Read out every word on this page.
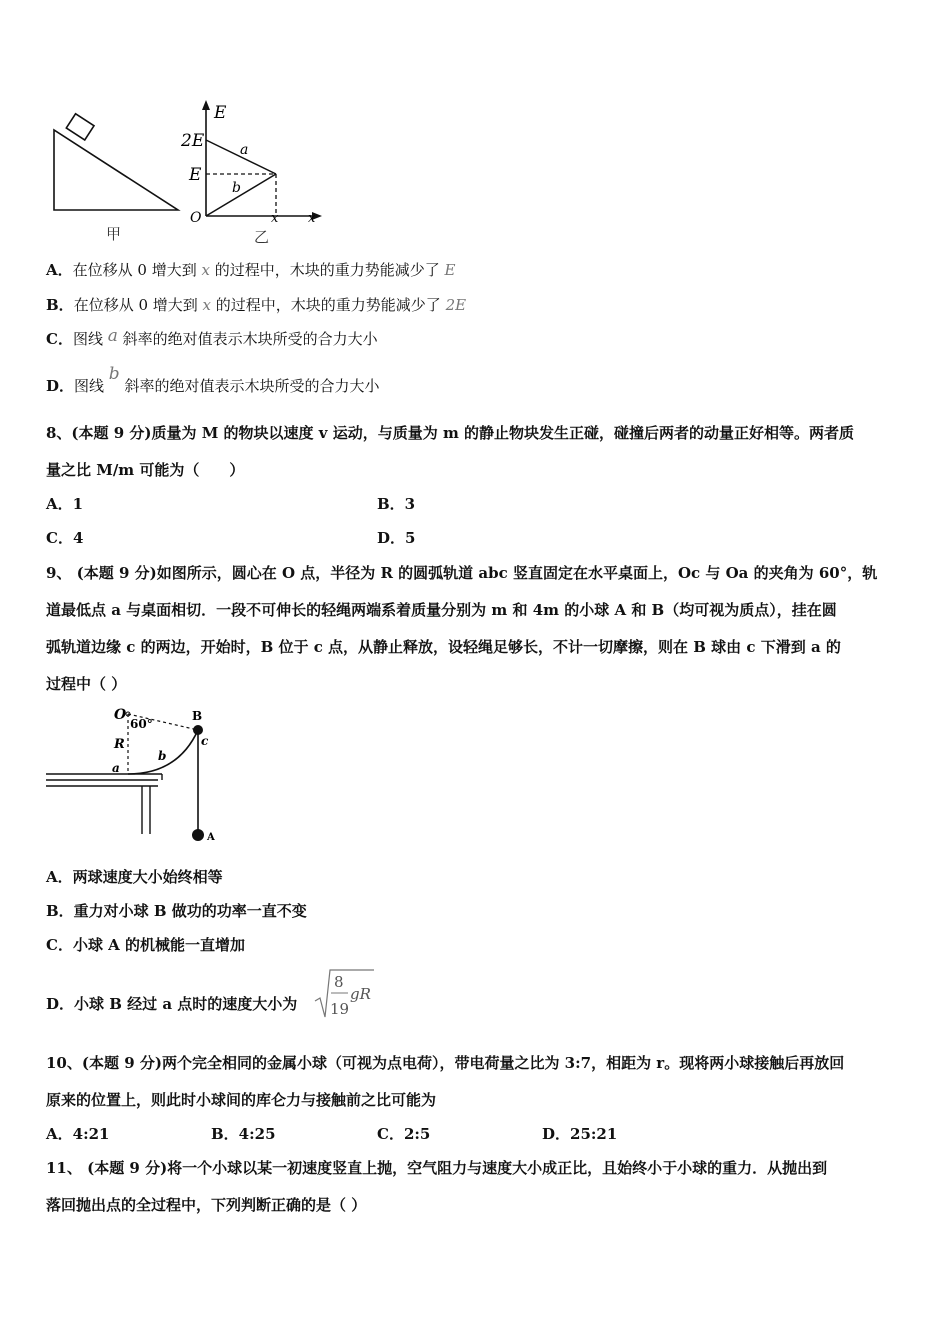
甲
E
2E
E
a
b
O	x x
乙
A．在位移从 0 增大到 x 的过程中，木块的重力势能减少了 E
B．在位移从 0 增大到 x 的过程中，木块的重力势能减少了 2E
C．图线 a 斜率的绝对值表示木块所受的合力大小
D．图线 b 斜率的绝对值表示木块所受的合力大小
8、(本题 9 分)质量为 M 的物块以速度 v 运动，与质量为 m 的静止物块发生正碰，碰撞后两者的动量正好相等。两者质
量之比 M/m 可能为（　　）
A．1	B．3
C．4	D．5
9、 (本题 9 分)如图所示，圆心在 O 点，半径为 R 的圆弧轨道 abc 竖直固定在水平桌面上，Oc 与 Oa 的夹角为 60°，轨
道最低点 a 与桌面相切．一段不可伸长的轻绳两端系着质量分别为 m 和 4m 的小球 A 和 B（均可视为质点），挂在圆
弧轨道边缘 c 的两边，开始时，B 位于 c 点，从静止释放，设轻绳足够长，不计一切摩擦，则在 B 球由 c 下滑到 a 的
过程中（ ）
O
60°
R
a
b
c
B
A
A．两球速度大小始终相等
B．重力对小球 B 做功的功率一直不变
C．小球 A 的机械能一直增加
D．小球 B 经过 a 点时的速度大小为
8
19
gR
10、(本题 9 分)两个完全相同的金属小球（可视为点电荷），带电荷量之比为 3:7，相距为 r。现将两小球接触后再放回
原来的位置上，则此时小球间的库仑力与接触前之比可能为
A．4:21	B．4:25	C．2:5	D．25:21
11、 (本题 9 分)将一个小球以某一初速度竖直上抛，空气阻力与速度大小成正比，且始终小于小球的重力．从抛出到
落回抛出点的全过程中，下列判断正确的是（ ）
